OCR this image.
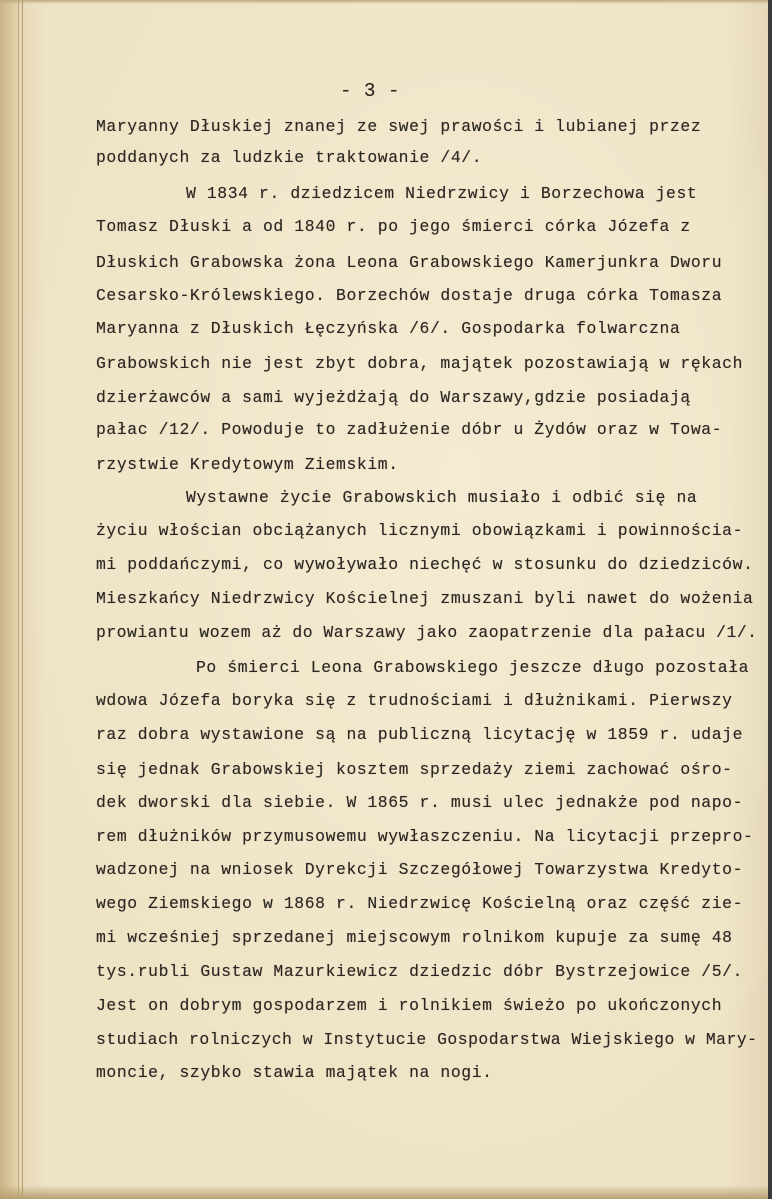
- 3 -
Maryanny Dłuskiej znanej ze swej prawości i lubianej przez
poddanych za ludzkie traktowanie /4/.
W 1834 r. dziedzicem Niedrzwicy i Borzechowa jest
Tomasz Dłuski a od 1840 r. po jego śmierci córka Józefa z
Dłuskich Grabowska żona Leona Grabowskiego Kamerjunkra Dworu
Cesarsko-Królewskiego. Borzechów dostaje druga córka Tomasza
Maryanna z Dłuskich Łęczyńska /6/. Gospodarka folwarczna
Grabowskich nie jest zbyt dobra, majątek pozostawiają w rękach
dzierżawców a sami wyjeżdżają do Warszawy,gdzie posiadają
pałac /12/. Powoduje to zadłużenie dóbr u Żydów oraz w Towa-
rzystwie Kredytowym Ziemskim.
Wystawne życie Grabowskich musiało i odbić się na
życiu włościan obciążanych licznymi obowiązkami i powinnościa-
mi poddańczymi, co wywoływało niechęć w stosunku do dziedziców.
Mieszkańcy Niedrzwicy Kościelnej zmuszani byli nawet do wożenia
prowiantu wozem aż do Warszawy jako zaopatrzenie dla pałacu /1/.
Po śmierci Leona Grabowskiego jeszcze długo pozostała
wdowa Józefa boryka się z trudnościami i dłużnikami. Pierwszy
raz dobra wystawione są na publiczną licytację w 1859 r. udaje
się jednak Grabowskiej kosztem sprzedaży ziemi zachować ośro-
dek dworski dla siebie. W 1865 r. musi ulec jednakże pod napo-
rem dłużników przymusowemu wywłaszczeniu. Na licytacji przepro-
wadzonej na wniosek Dyrekcji Szczegółowej Towarzystwa Kredyto-
wego Ziemskiego w 1868 r. Niedrzwicę Kościelną oraz część zie-
mi wcześniej sprzedanej miejscowym rolnikom kupuje za sumę 48
tys.rubli Gustaw Mazurkiewicz dziedzic dóbr Bystrzejowice /5/.
Jest on dobrym gospodarzem i rolnikiem świeżo po ukończonych
studiach rolniczych w Instytucie Gospodarstwa Wiejskiego w Mary-
moncie, szybko stawia majątek na nogi.
